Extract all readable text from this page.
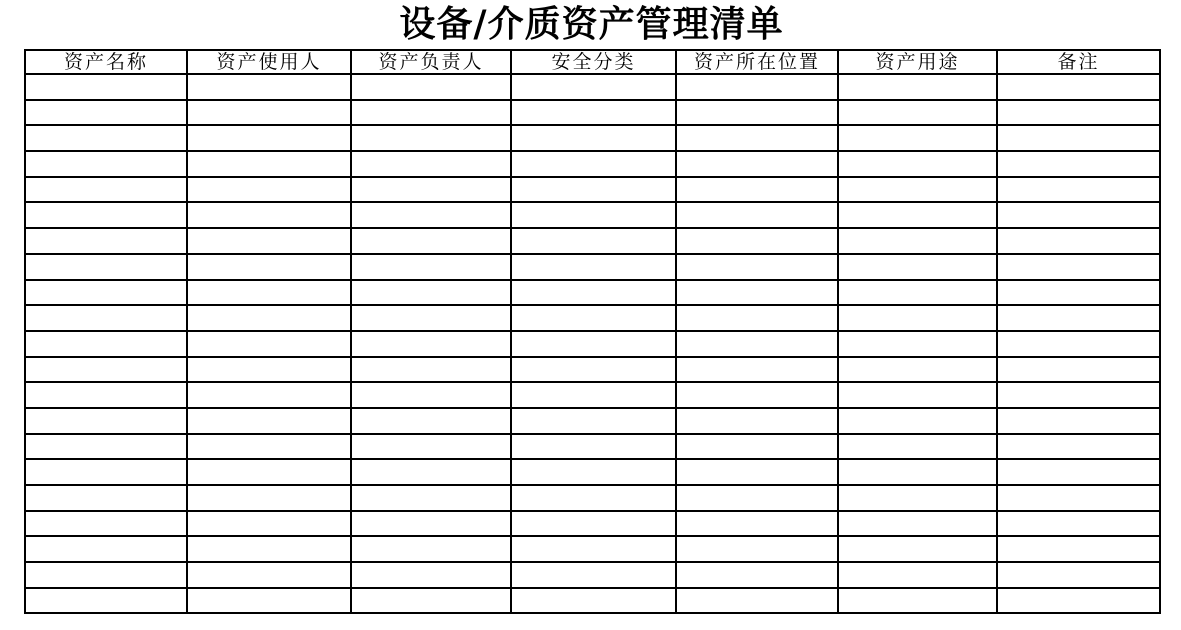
设备/介质资产管理清单
资产名称	资产使用人	资产负责人	安全分类	资产所在位置	资产用途	备注
